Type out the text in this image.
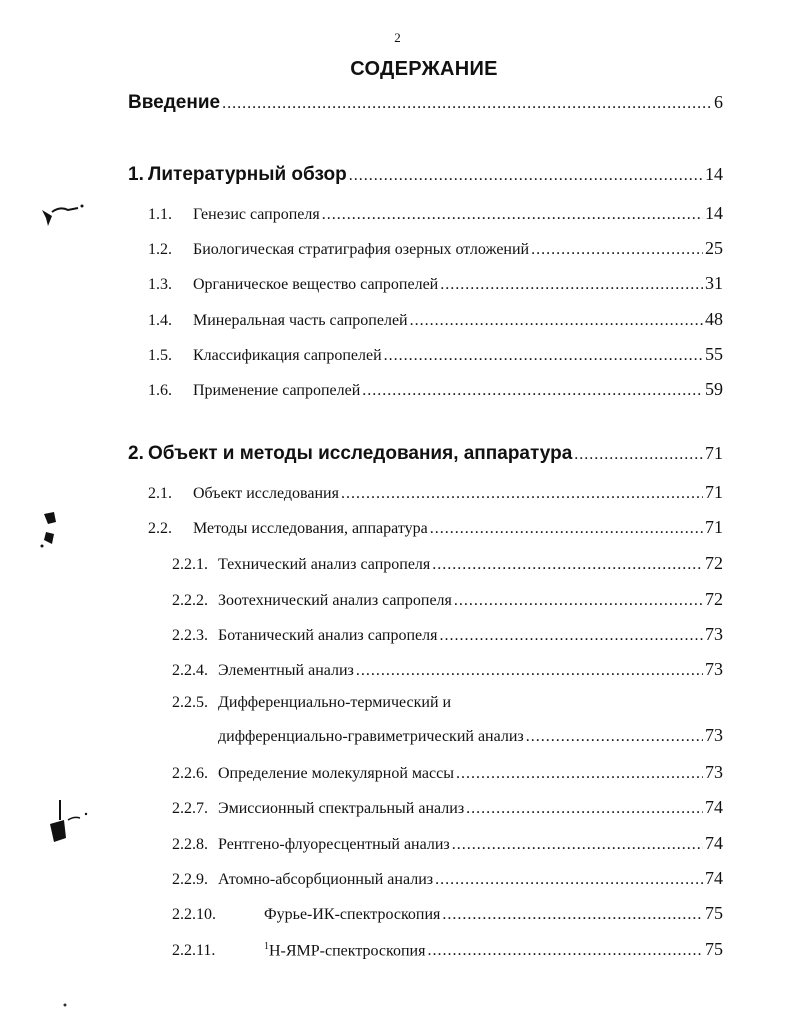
2
СОДЕРЖАНИЕ
Введение .....	6
1. Литературный обзор .....	14
1.1.	Генезис сапропеля .....	14
1.2.	Биологическая стратиграфия озерных отложений .....	25
1.3.	Органическое вещество сапропелей .....	31
1.4.	Минеральная часть сапропелей .....	48
1.5.	Классификация сапропелей .....	55
1.6.	Применение сапропелей .....	59
2. Объект и методы исследования, аппаратура .....	71
2.1.	Объект исследования .....	71
2.2.	Методы исследования, аппаратура .....	71
2.2.1. Технический анализ сапропеля .....	72
2.2.2. Зоотехнический анализ сапропеля .....	72
2.2.3. Ботанический анализ сапропеля .....	73
2.2.4. Элементный анализ .....	73
2.2.5. Дифференциально-термический и
дифференциально-гравиметрический анализ .....	73
2.2.6. Определение молекулярной массы .....	73
2.2.7. Эмиссионный спектральный анализ .....	74
2.2.8. Рентгено-флуоресцентный анализ .....	74
2.2.9. Атомно-абсорбционный анализ .....	74
2.2.10.	Фурье-ИК-спектроскопия .....	75
2.2.11.	$^1$Н-ЯМР-спектроскопия .....	75
